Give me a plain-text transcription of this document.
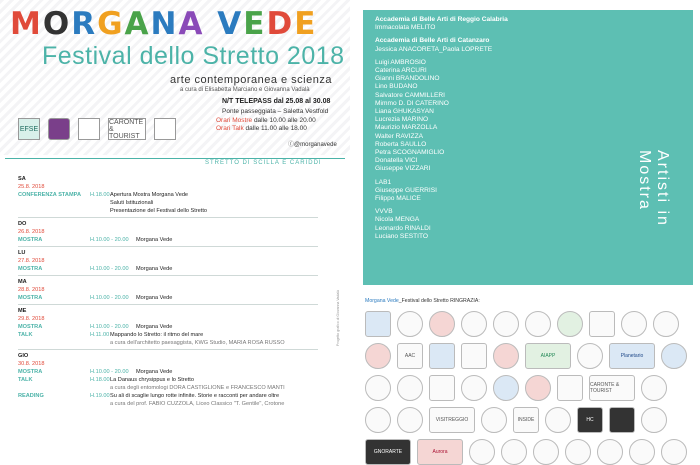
MORGANA VEDE
Festival dello Stretto 2018
arte contemporanea e scienza
a cura di Elisabetta Marciano e Giovanna Vadalà
N/T TELEPASS dal 25.08 al 30.08
Ponte passeggiata – Saletta Vestfold
Orari Mostre dalle 10.00 alle 20.00
Orari Talk dalle 11.00 alle 18.00
EFSE
CARONTE & TOURIST
ⓕ@morganavede
STRETTO DI SCILLA E CARIDDI
SA
25.8. 2018
CONFERENZA STAMPA H.18.00 Apertura Mostra Morgana Vede
Saluti Istituzionali
Presentazione del Festival dello Stretto
DO
26.8. 2018
MOSTRA	H.10.00 - 20.00 Morgana Vede
LU
27.8. 2018
MOSTRA	H.10.00 - 20.00 Morgana Vede
MA
28.8. 2018
MOSTRA	H.10.00 - 20.00 Morgana Vede
ME
29.8. 2018
MOSTRA	H.10.00 - 20.00 Morgana Vede
TALK	H.11.00 Mappando lo Stretto: il ritmo del mare
a cura dell'architetto paesaggista, KWG Studio, MARIA ROSA RUSSO
GIO
30.8. 2018
MOSTRA	H.10.00 - 20.00 Morgana Vede
TALK	H.18.00 La Danaus chrysippus e lo Stretto
a cura degli entomologi DORA CASTIGLIONE e FRANCESCO MANTI
READING	H.19.00 Su ali di scaglie lungo rotte infinite. Storie e racconti per andare oltre
a cura del prof. FABIO CUZZOLA, Liceo Classico "T. Gentile", Crotone
Progetto grafico di Giovanna Vadalà
Accademia di Belle Arti di Reggio Calabria
Immacolata MELITO
Accademia di Belle Arti di Catanzaro
Jessica ANACORETA_Paola LOPRETE
Luigi AMBROSIO
Caterina ARCURI
Gianni BRANDOLINO
Lino BUDANO
Salvatore CAMMILLERI
Mimmo D. DI CATERINO
Liana GHUKASYAN
Lucrezia MARINO
Maurizio MARZOLLA
Walter RAVIZZA
Roberta SAULLO
Petra SCOGNAMIGLIO
Donatella VICI
Giuseppe VIZZARI
LAB1
Giuseppe GUERRISI
Filippo MALICE
VVVB
Nicola MENGA
Leonardo RINALDI
Luciano SESTITO
Artisti in Mostra
Morgana Vede_Festival dello Stretto RINGRAZIA:
AAC	AIAPP	Planetario
CARONTE & TOURIST
VISITREGGIO	INSIDE	HC
GNORARTE	Aurora
